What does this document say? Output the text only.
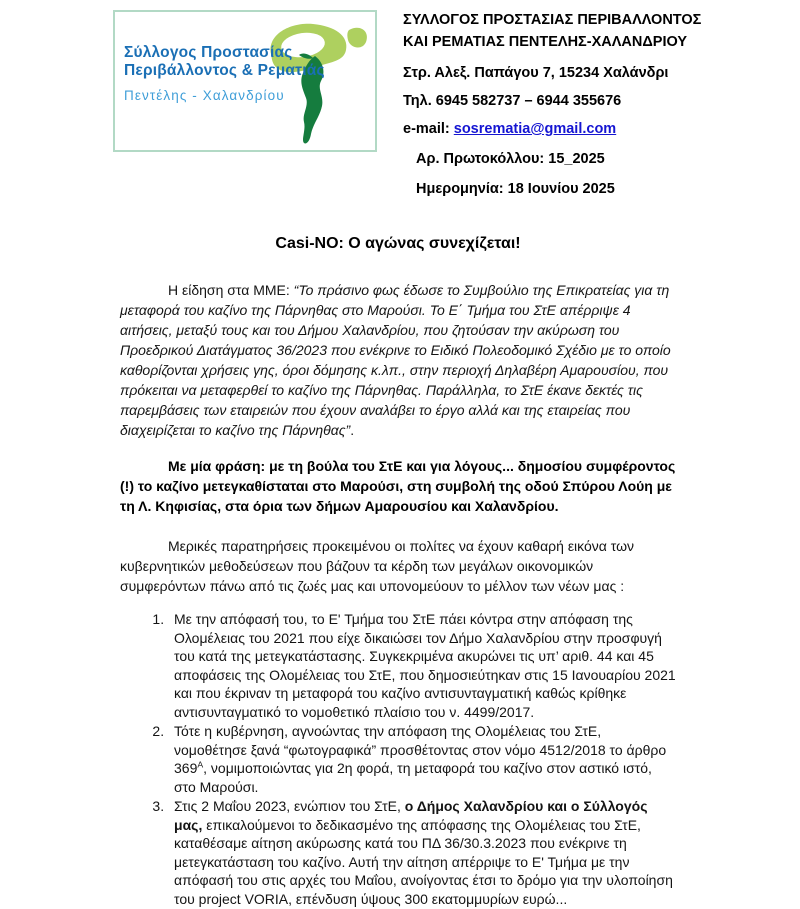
Σύλλογος Προστασίας
Περιβάλλοντος & Ρεματιάς
Πεντέλης - Χαλανδρίου
ΣΥΛΛΟΓΟΣ ΠΡΟΣΤΑΣΙΑΣ ΠΕΡΙΒΑΛΛΟΝΤΟΣ
ΚΑΙ ΡΕΜΑΤΙΑΣ ΠΕΝΤΕΛΗΣ-ΧΑΛΑΝΔΡΙΟΥ
Στρ. Αλεξ. Παπάγου 7, 15234 Χαλάνδρι
Τηλ. 6945 582737 – 6944 355676
e-mail: sosrematia@gmail.com
Αρ. Πρωτοκόλλου: 15_2025
Ημερομηνία: 18 Ιουνίου 2025
Casi-NO: Ο αγώνας συνεχίζεται!

Η είδηση στα ΜΜΕ: “Το πράσινο φως έδωσε το Συμβούλιο της Επικρατείας για τη μεταφορά του καζίνο της Πάρνηθας στο Μαρούσι. Το Ε΄ Τμήμα του ΣτΕ απέρριψε 4 αιτήσεις, μεταξύ τους και του Δήμου Χαλανδρίου, που ζητούσαν την ακύρωση του Προεδρικού Διατάγματος 36/2023 που ενέκρινε το Ειδικό Πολεοδομικό Σχέδιο με το οποίο καθορίζονται χρήσεις γης, όροι δόμησης κ.λπ., στην περιοχή Δηλαβέρη Αμαρουσίου, που πρόκειται να μεταφερθεί το καζίνο της Πάρνηθας. Παράλληλα, το ΣτΕ έκανε δεκτές τις παρεμβάσεις των εταιρειών που έχουν αναλάβει το έργο αλλά και της εταιρείας που διαχειρίζεται το καζίνο της Πάρνηθας”.

Με μία φράση: με τη βούλα του ΣτΕ και για λόγους... δημοσίου συμφέροντος (!) το καζίνο μετεγκαθίσταται στο Μαρούσι, στη συμβολή της οδού Σπύρου Λούη με τη Λ. Κηφισίας, στα όρια των δήμων Αμαρουσίου και Χαλανδρίου.

Μερικές παρατηρήσεις προκειμένου οι πολίτες να έχουν καθαρή εικόνα των κυβερνητικών μεθοδεύσεων που βάζουν τα κέρδη των μεγάλων οικονομικών συμφερόντων πάνω από τις ζωές μας και υπονομεύουν το μέλλον των νέων μας :

1. Με την απόφασή του, το Ε' Τμήμα του ΣτΕ πάει κόντρα στην απόφαση της Ολομέλειας του 2021 που είχε δικαιώσει τον Δήμο Χαλανδρίου στην προσφυγή του κατά της μετεγκατάστασης. Συγκεκριμένα ακυρώνει τις υπ’ αριθ. 44 και 45 αποφάσεις της Ολομέλειας του ΣτΕ, που δημοσιεύτηκαν στις 15 Ιανουαρίου 2021 και που έκριναν τη μεταφορά του καζίνο αντισυνταγματική καθώς κρίθηκε αντισυνταγματικό το νομοθετικό πλαίσιο του ν. 4499/2017.
2. Τότε η κυβέρνηση, αγνοώντας την απόφαση της Ολομέλειας του ΣτΕ, νομοθέτησε ξανά “φωτογραφικά” προσθέτοντας στον νόμο 4512/2018 το άρθρο $369^A$, νομιμοποιώντας για 2η φορά, τη μεταφορά του καζίνο στον αστικό ιστό, στο Μαρούσι.
3. Στις 2 Μαΐου 2023, ενώπιον του ΣτΕ, ο Δήμος Χαλανδρίου και ο Σύλλογός μας, επικαλούμενοι το δεδικασμένο της απόφασης της Ολομέλειας του ΣτΕ, καταθέσαμε αίτηση ακύρωσης κατά του ΠΔ 36/30.3.2023 που ενέκρινε τη μετεγκατάσταση του καζίνο. Αυτή την αίτηση απέρριψε το Ε' Τμήμα με την απόφασή του στις αρχές του Μαΐου, ανοίγοντας έτσι το δρόμο για την υλοποίηση του project VORIA, επένδυση ύψους 300 εκατομμυρίων ευρώ...
